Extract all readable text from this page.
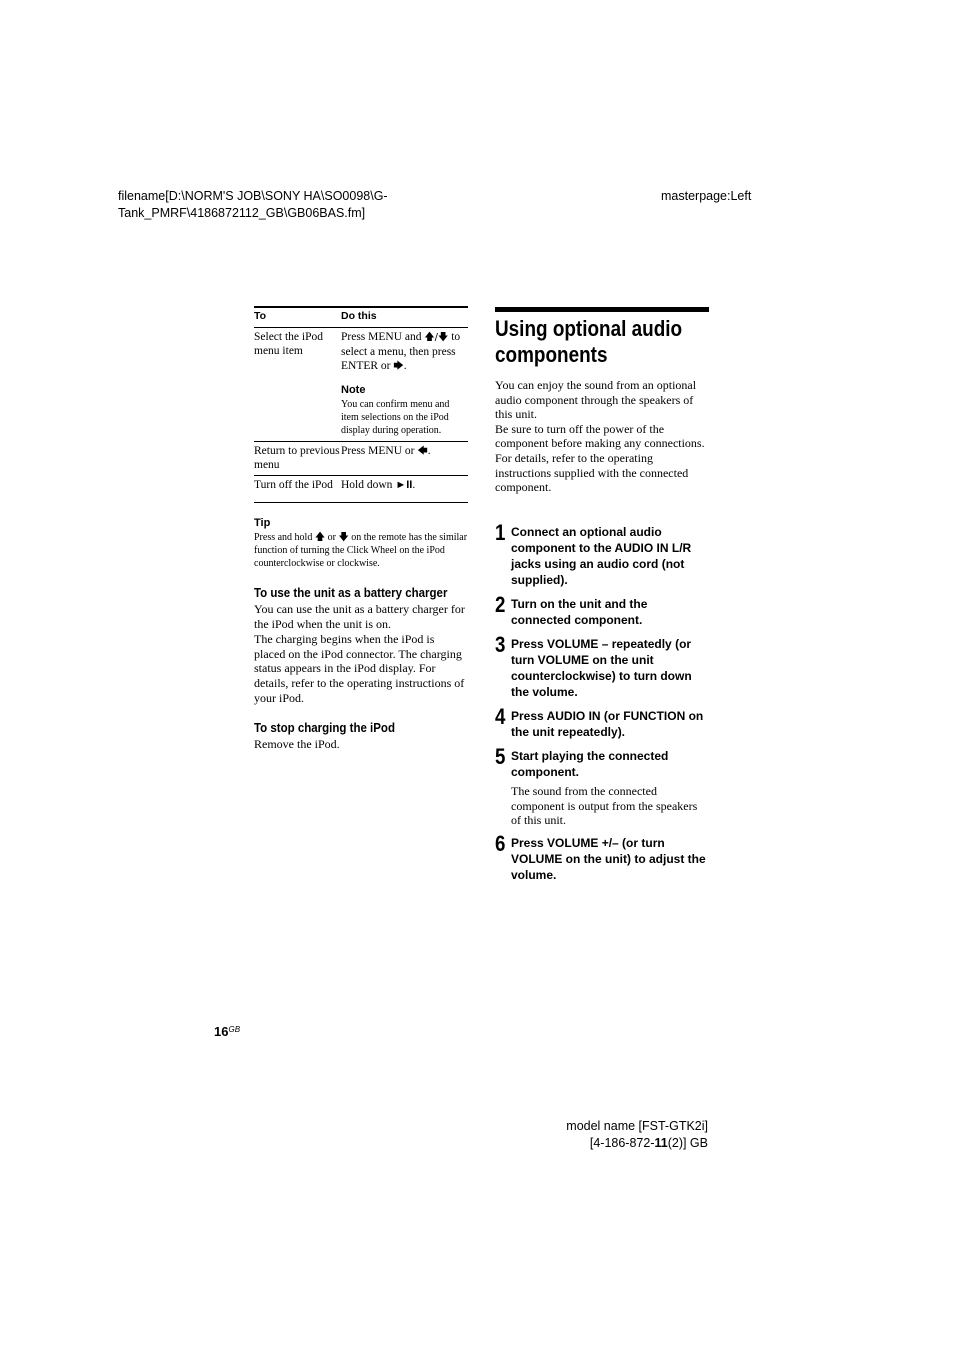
filename[D:\NORM'S JOB\SONY HA\SO0098\G-
Tank_PMRF\4186872112_GB\GB06BAS.fm]
masterpage:Left
To	Do this
Select the iPod menu item
Press MENU and 🡅/🡇 to select a menu, then press ENTER or 🡆.
Note
You can confirm menu and item selections on the iPod display during operation.
Return to previous menu
Press MENU or 🡄.
Turn off the iPod Hold down ►II.
Tip
Press and hold 🡅 or 🡇 on the remote has the similar function of turning the Click Wheel on the iPod counterclockwise or clockwise.
To use the unit as a battery charger
You can use the unit as a battery charger for the iPod when the unit is on.
The charging begins when the iPod is placed on the iPod connector. The charging status appears in the iPod display. For details, refer to the operating instructions of your iPod.
To stop charging the iPod
Remove the iPod.
Using optional audio
components
You can enjoy the sound from an optional audio component through the speakers of this unit.
Be sure to turn off the power of the component before making any connections.
For details, refer to the operating instructions supplied with the connected component.
1 Connect an optional audio component to the AUDIO IN L/R jacks using an audio cord (not supplied).
2 Turn on the unit and the connected component.
3 Press VOLUME – repeatedly (or turn VOLUME on the unit counterclockwise) to turn down the volume.
4 Press AUDIO IN (or FUNCTION on the unit repeatedly).
5 Start playing the connected component.
The sound from the connected component is output from the speakers of this unit.
6 Press VOLUME +/– (or turn VOLUME on the unit) to adjust the volume.
$16^{GB}$
model name [FST-GTK2i]
[4-186-872-11(2)] GB
